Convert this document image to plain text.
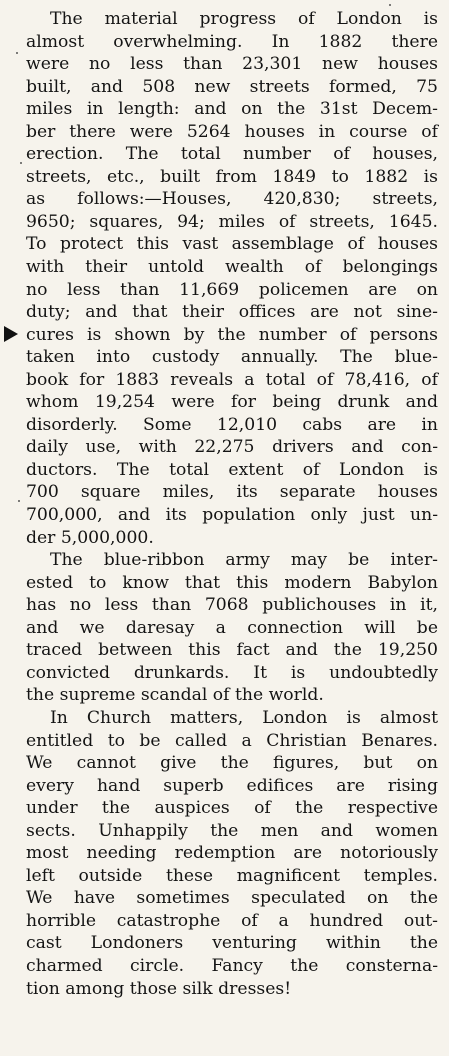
The material progress of London is
almost overwhelming. In 1882 there
were no less than 23,301 new houses
built, and 508 new streets formed, 75
miles in length: and on the 31st Decem-
ber there were 5264 houses in course of
erection. The total number of houses,
streets, etc., built from 1849 to 1882 is
as follows:—Houses, 420,830; streets,
9650; squares, 94; miles of streets, 1645.
To protect this vast assemblage of houses
with their untold wealth of belongings
no less than 11,669 policemen are on
duty; and that their offices are not sine-
cures is shown by the number of persons
taken into custody annually. The blue-
book for 1883 reveals a total of 78,416, of
whom 19,254 were for being drunk and
disorderly. Some 12,010 cabs are in
daily use, with 22,275 drivers and con-
ductors. The total extent of London is
700 square miles, its separate houses
700,000, and its population only just un-
der 5,000,000.

The blue-ribbon army may be inter-
ested to know that this modern Babylon
has no less than 7068 publichouses in it,
and we daresay a connection will be
traced between this fact and the 19,250
convicted drunkards. It is undoubtedly
the supreme scandal of the world.

In Church matters, London is almost
entitled to be called a Christian Benares.
We cannot give the figures, but on
every hand superb edifices are rising
under the auspices of the respective
sects. Unhappily the men and women
most needing redemption are notoriously
left outside these magnificent temples.
We have sometimes speculated on the
horrible catastrophe of a hundred out-
cast Londoners venturing within the
charmed circle. Fancy the consterna-
tion among those silk dresses!
